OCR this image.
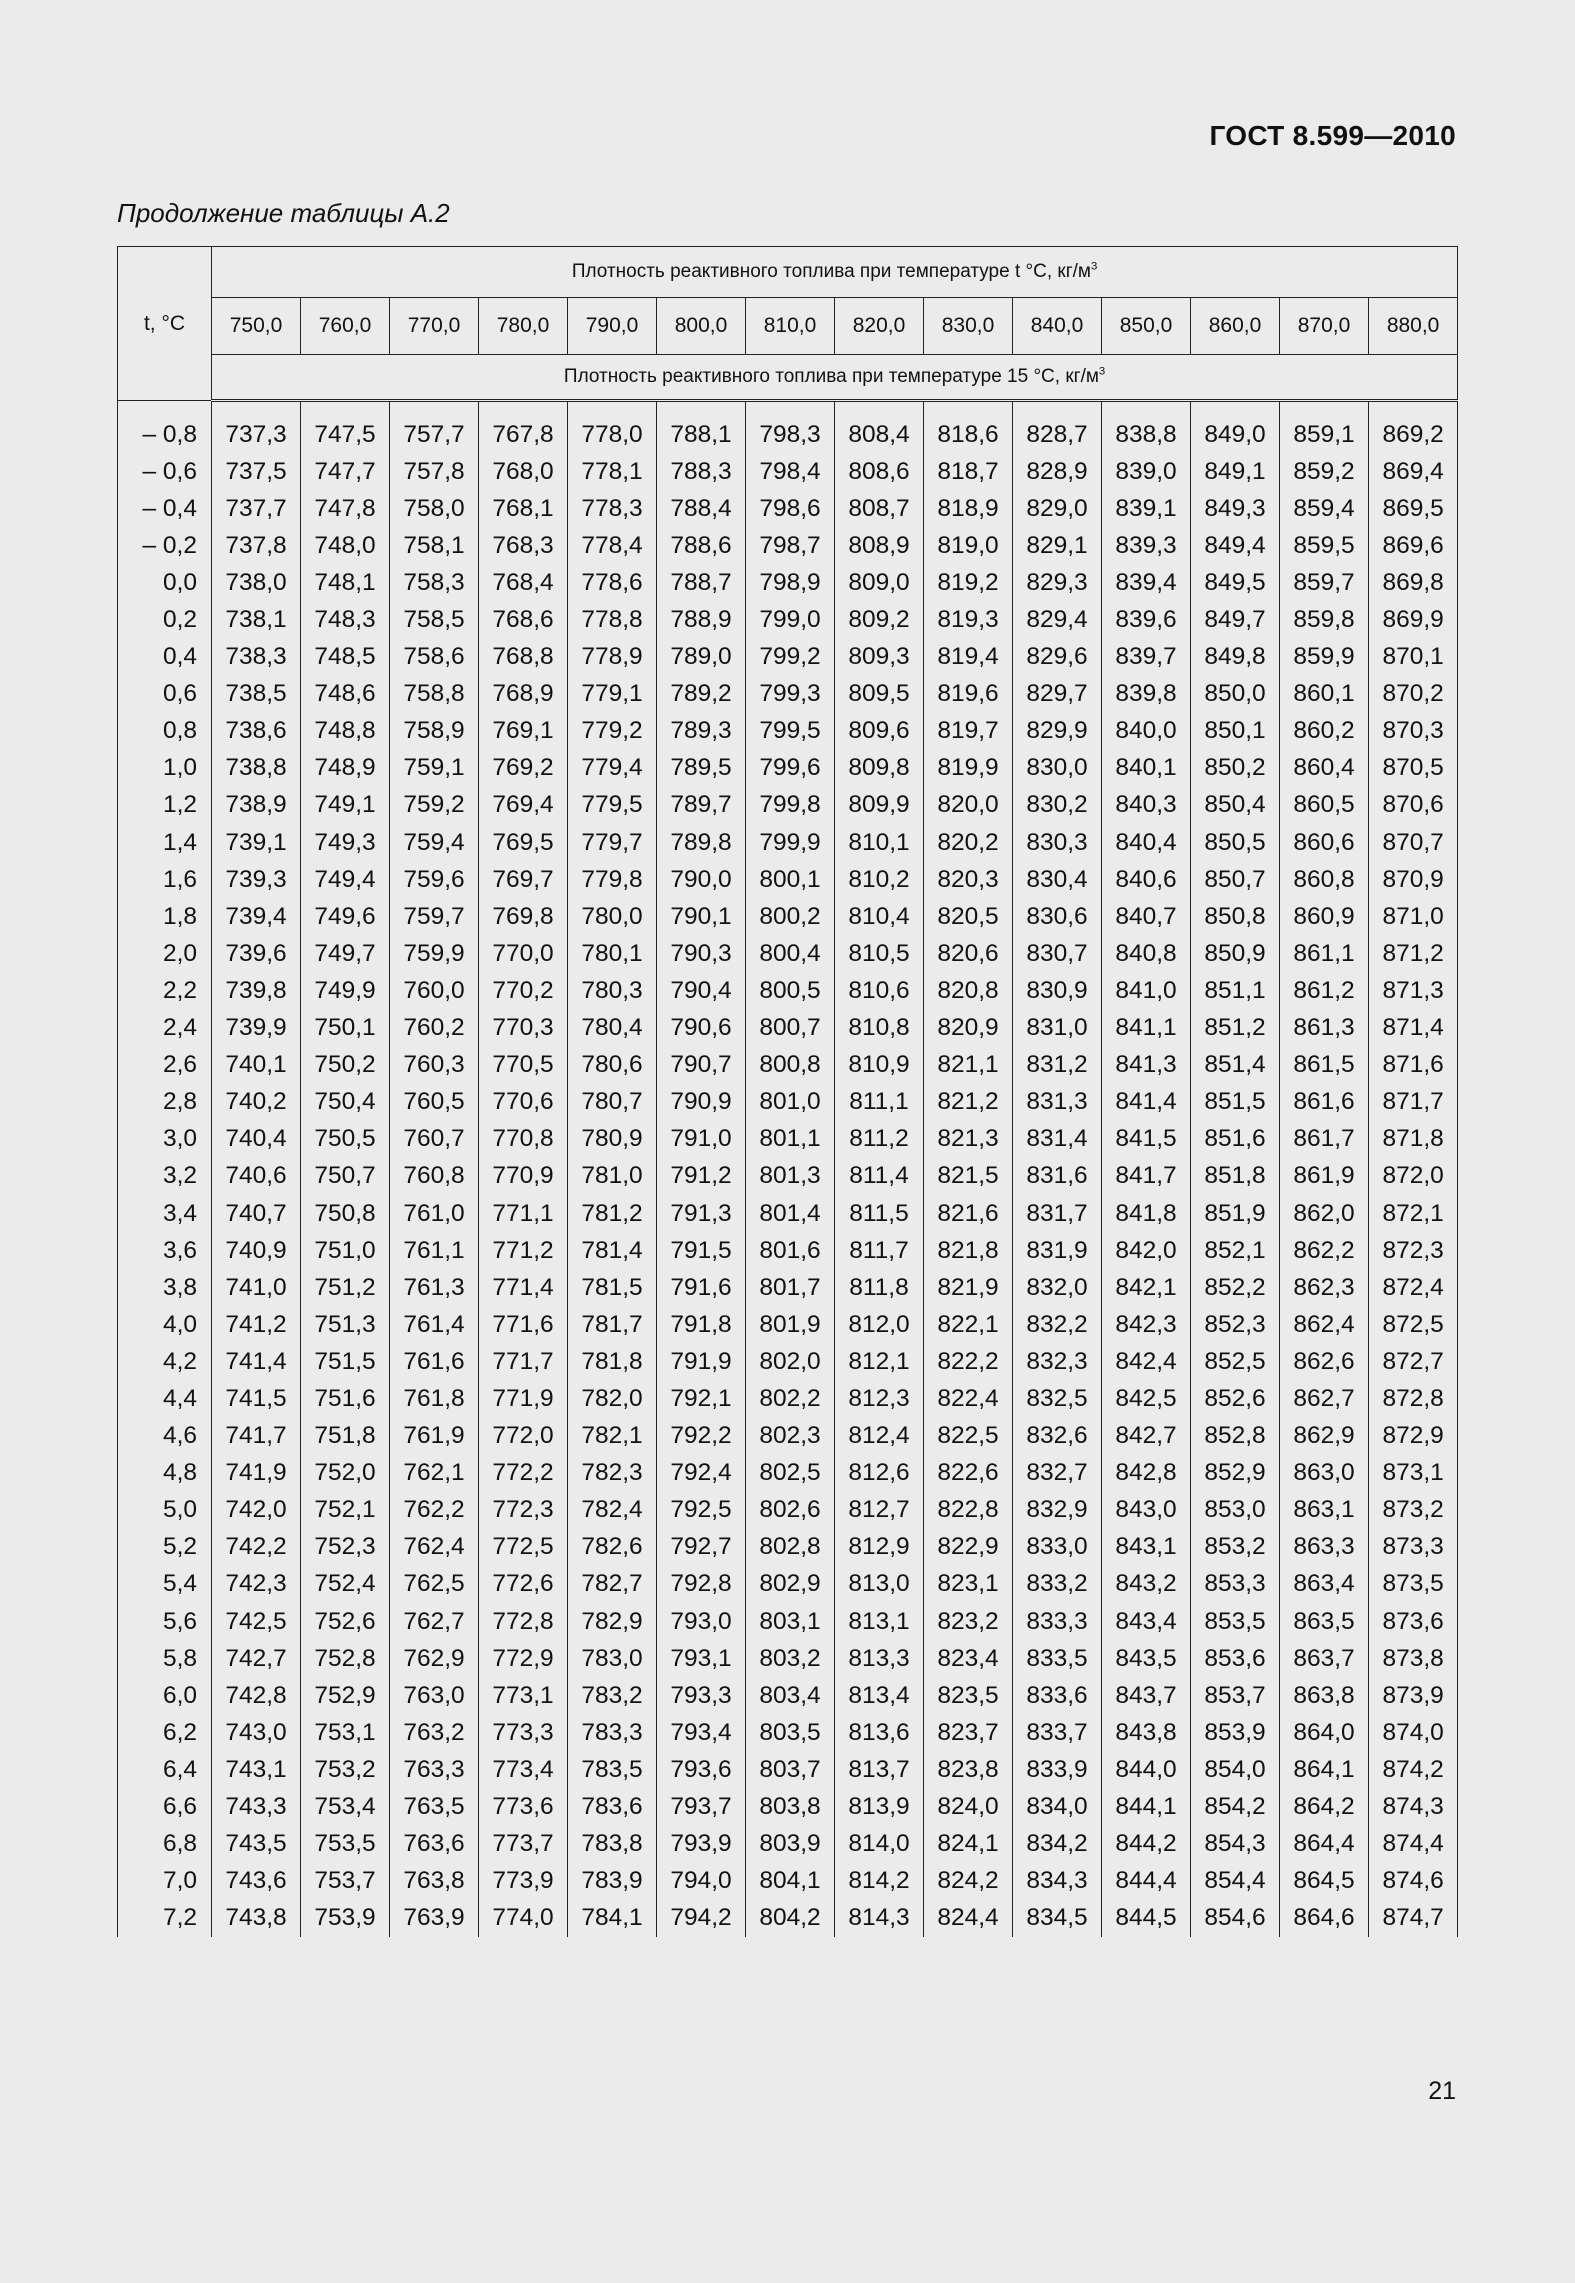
ГОСТ 8.599—2010
Продолжение таблицы А.2
t, °С	Плотность реактивного топлива при температуре t °С, $кг/м^3$
	750,0	760,0	770,0	780,0	790,0	800,0	810,0	820,0	830,0	840,0	850,0	860,0	870,0	880,0
	Плотность реактивного топлива при температуре 15 °С, $кг/м^3$

– 0,8	737,3	747,5	757,7	767,8	778,0	788,1	798,3	808,4	818,6	828,7	838,8	849,0	859,1	869,2
– 0,6	737,5	747,7	757,8	768,0	778,1	788,3	798,4	808,6	818,7	828,9	839,0	849,1	859,2	869,4
– 0,4	737,7	747,8	758,0	768,1	778,3	788,4	798,6	808,7	818,9	829,0	839,1	849,3	859,4	869,5
– 0,2	737,8	748,0	758,1	768,3	778,4	788,6	798,7	808,9	819,0	829,1	839,3	849,4	859,5	869,6
0,0	738,0	748,1	758,3	768,4	778,6	788,7	798,9	809,0	819,2	829,3	839,4	849,5	859,7	869,8
0,2	738,1	748,3	758,5	768,6	778,8	788,9	799,0	809,2	819,3	829,4	839,6	849,7	859,8	869,9
0,4	738,3	748,5	758,6	768,8	778,9	789,0	799,2	809,3	819,4	829,6	839,7	849,8	859,9	870,1
0,6	738,5	748,6	758,8	768,9	779,1	789,2	799,3	809,5	819,6	829,7	839,8	850,0	860,1	870,2
0,8	738,6	748,8	758,9	769,1	779,2	789,3	799,5	809,6	819,7	829,9	840,0	850,1	860,2	870,3
1,0	738,8	748,9	759,1	769,2	779,4	789,5	799,6	809,8	819,9	830,0	840,1	850,2	860,4	870,5
1,2	738,9	749,1	759,2	769,4	779,5	789,7	799,8	809,9	820,0	830,2	840,3	850,4	860,5	870,6
1,4	739,1	749,3	759,4	769,5	779,7	789,8	799,9	810,1	820,2	830,3	840,4	850,5	860,6	870,7
1,6	739,3	749,4	759,6	769,7	779,8	790,0	800,1	810,2	820,3	830,4	840,6	850,7	860,8	870,9
1,8	739,4	749,6	759,7	769,8	780,0	790,1	800,2	810,4	820,5	830,6	840,7	850,8	860,9	871,0
2,0	739,6	749,7	759,9	770,0	780,1	790,3	800,4	810,5	820,6	830,7	840,8	850,9	861,1	871,2
2,2	739,8	749,9	760,0	770,2	780,3	790,4	800,5	810,6	820,8	830,9	841,0	851,1	861,2	871,3
2,4	739,9	750,1	760,2	770,3	780,4	790,6	800,7	810,8	820,9	831,0	841,1	851,2	861,3	871,4
2,6	740,1	750,2	760,3	770,5	780,6	790,7	800,8	810,9	821,1	831,2	841,3	851,4	861,5	871,6
2,8	740,2	750,4	760,5	770,6	780,7	790,9	801,0	811,1	821,2	831,3	841,4	851,5	861,6	871,7
3,0	740,4	750,5	760,7	770,8	780,9	791,0	801,1	811,2	821,3	831,4	841,5	851,6	861,7	871,8
3,2	740,6	750,7	760,8	770,9	781,0	791,2	801,3	811,4	821,5	831,6	841,7	851,8	861,9	872,0
3,4	740,7	750,8	761,0	771,1	781,2	791,3	801,4	811,5	821,6	831,7	841,8	851,9	862,0	872,1
3,6	740,9	751,0	761,1	771,2	781,4	791,5	801,6	811,7	821,8	831,9	842,0	852,1	862,2	872,3
3,8	741,0	751,2	761,3	771,4	781,5	791,6	801,7	811,8	821,9	832,0	842,1	852,2	862,3	872,4
4,0	741,2	751,3	761,4	771,6	781,7	791,8	801,9	812,0	822,1	832,2	842,3	852,3	862,4	872,5
4,2	741,4	751,5	761,6	771,7	781,8	791,9	802,0	812,1	822,2	832,3	842,4	852,5	862,6	872,7
4,4	741,5	751,6	761,8	771,9	782,0	792,1	802,2	812,3	822,4	832,5	842,5	852,6	862,7	872,8
4,6	741,7	751,8	761,9	772,0	782,1	792,2	802,3	812,4	822,5	832,6	842,7	852,8	862,9	872,9
4,8	741,9	752,0	762,1	772,2	782,3	792,4	802,5	812,6	822,6	832,7	842,8	852,9	863,0	873,1
5,0	742,0	752,1	762,2	772,3	782,4	792,5	802,6	812,7	822,8	832,9	843,0	853,0	863,1	873,2
5,2	742,2	752,3	762,4	772,5	782,6	792,7	802,8	812,9	822,9	833,0	843,1	853,2	863,3	873,3
5,4	742,3	752,4	762,5	772,6	782,7	792,8	802,9	813,0	823,1	833,2	843,2	853,3	863,4	873,5
5,6	742,5	752,6	762,7	772,8	782,9	793,0	803,1	813,1	823,2	833,3	843,4	853,5	863,5	873,6
5,8	742,7	752,8	762,9	772,9	783,0	793,1	803,2	813,3	823,4	833,5	843,5	853,6	863,7	873,8
6,0	742,8	752,9	763,0	773,1	783,2	793,3	803,4	813,4	823,5	833,6	843,7	853,7	863,8	873,9
6,2	743,0	753,1	763,2	773,3	783,3	793,4	803,5	813,6	823,7	833,7	843,8	853,9	864,0	874,0
6,4	743,1	753,2	763,3	773,4	783,5	793,6	803,7	813,7	823,8	833,9	844,0	854,0	864,1	874,2
6,6	743,3	753,4	763,5	773,6	783,6	793,7	803,8	813,9	824,0	834,0	844,1	854,2	864,2	874,3
6,8	743,5	753,5	763,6	773,7	783,8	793,9	803,9	814,0	824,1	834,2	844,2	854,3	864,4	874,4
7,0	743,6	753,7	763,8	773,9	783,9	794,0	804,1	814,2	824,2	834,3	844,4	854,4	864,5	874,6
7,2	743,8	753,9	763,9	774,0	784,1	794,2	804,2	814,3	824,4	834,5	844,5	854,6	864,6	874,7
21
